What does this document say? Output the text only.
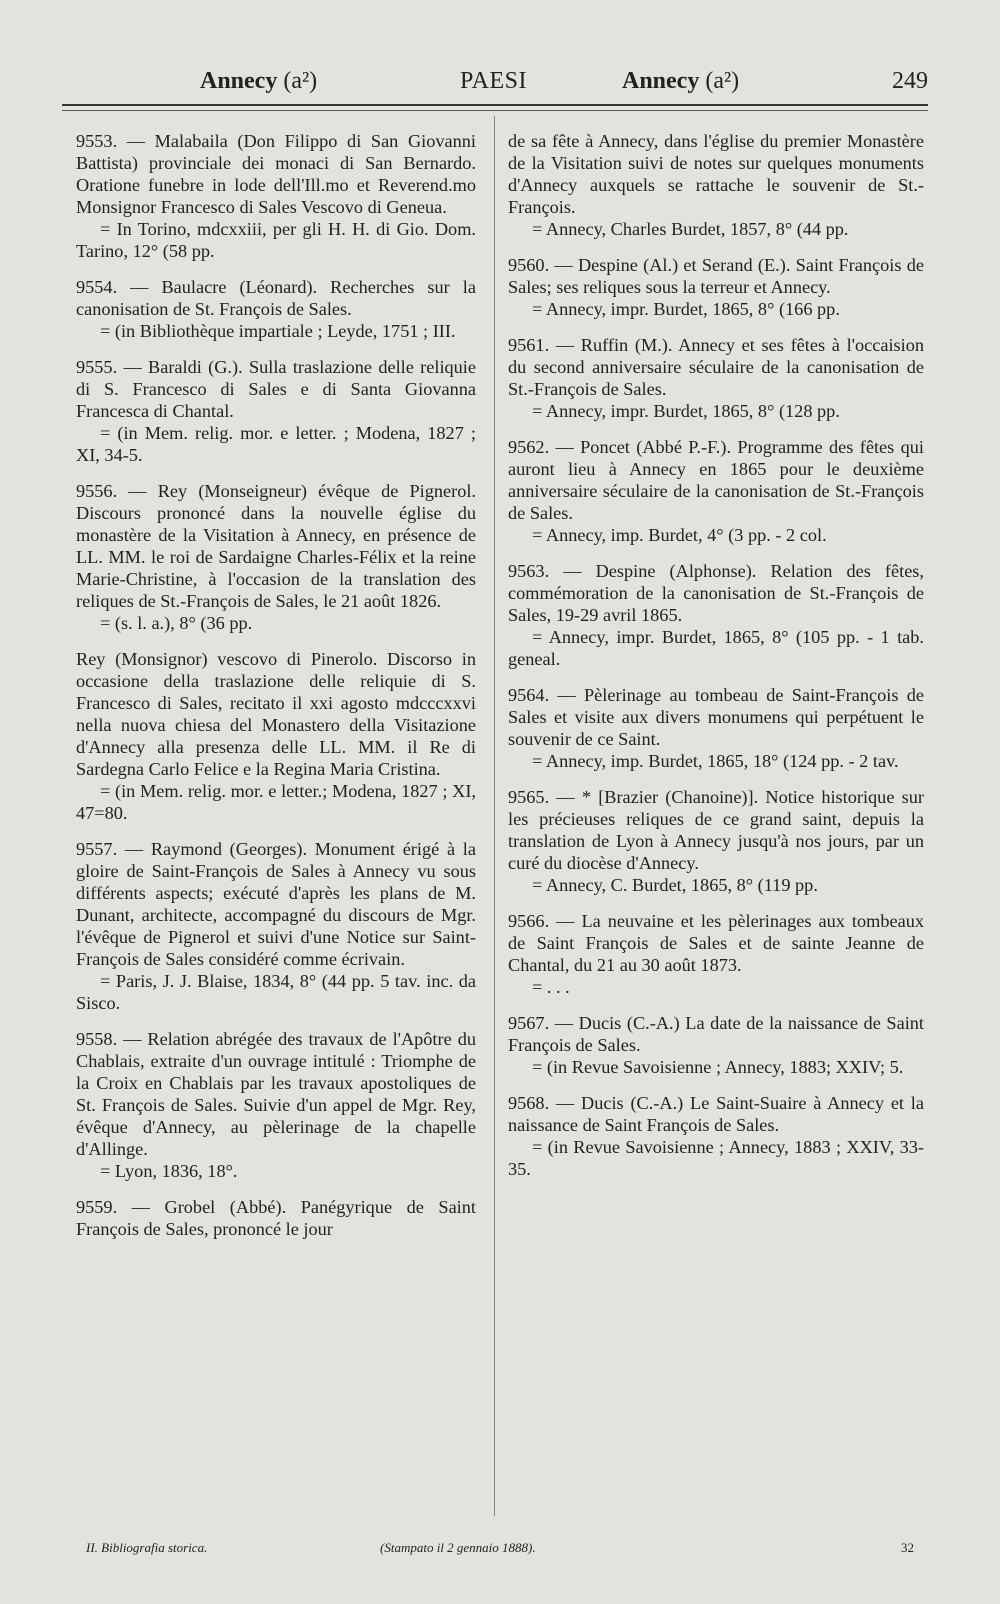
Annecy (a²)	PAESI	Annecy (a²)	249

9553. — Malabaila (Don Filippo di San Giovanni Battista) provinciale dei monaci di San Bernardo. Oratione funebre in lode dell'Ill.mo et Reverend.mo Monsignor Francesco di Sales Vescovo di Geneua.

= In Torino, mdcxxiii, per gli H. H. di Gio. Dom. Tarino, 12° (58 pp.

9554. — Baulacre (Léonard). Recherches sur la canonisation de St. François de Sales.

= (in Bibliothèque impartiale ; Leyde, 1751 ; III.

9555. — Baraldi (G.). Sulla traslazione delle reliquie di S. Francesco di Sales e di Santa Giovanna Francesca di Chantal.

= (in Mem. relig. mor. e letter. ; Modena, 1827 ; XI, 34-5.

9556. — Rey (Monseigneur) évêque de Pignerol. Discours prononcé dans la nouvelle église du monastère de la Visitation à Annecy, en présence de LL. MM. le roi de Sardaigne Charles-Félix et la reine Marie-Christine, à l'occasion de la translation des reliques de St.-François de Sales, le 21 août 1826.

= (s. l. a.), 8° (36 pp.

Rey (Monsignor) vescovo di Pinerolo. Discorso in occasione della traslazione delle reliquie di S. Francesco di Sales, recitato il xxi agosto mdcccxxvi nella nuova chiesa del Monastero della Visitazione d'Annecy alla presenza delle LL. MM. il Re di Sardegna Carlo Felice e la Regina Maria Cristina.

= (in Mem. relig. mor. e letter.; Modena, 1827 ; XI, 47=80.

9557. — Raymond (Georges). Monument érigé à la gloire de Saint-François de Sales à Annecy vu sous différents aspects; exécuté d'après les plans de M. Dunant, architecte, accompagné du discours de Mgr. l'évêque de Pignerol et suivi d'une Notice sur Saint-François de Sales considéré comme écrivain.

= Paris, J. J. Blaise, 1834, 8° (44 pp. 5 tav. inc. da Sisco.

9558. — Relation abrégée des travaux de l'Apôtre du Chablais, extraite d'un ouvrage intitulé : Triomphe de la Croix en Chablais par les travaux apostoliques de St. François de Sales. Suivie d'un appel de Mgr. Rey, évêque d'Annecy, au pèlerinage de la chapelle d'Allinge.

= Lyon, 1836, 18°.

9559. — Grobel (Abbé). Panégyrique de Saint François de Sales, prononcé le jour

de sa fête à Annecy, dans l'église du premier Monastère de la Visitation suivi de notes sur quelques monuments d'Annecy auxquels se rattache le souvenir de St.-François.

= Annecy, Charles Burdet, 1857, 8° (44 pp.

9560. — Despine (Al.) et Serand (E.). Saint François de Sales; ses reliques sous la terreur et Annecy.

= Annecy, impr. Burdet, 1865, 8° (166 pp.

9561. — Ruffin (M.). Annecy et ses fêtes à l'occaision du second anniversaire séculaire de la canonisation de St.-François de Sales.

= Annecy, impr. Burdet, 1865, 8° (128 pp.

9562. — Poncet (Abbé P.-F.). Programme des fêtes qui auront lieu à Annecy en 1865 pour le deuxième anniversaire séculaire de la canonisation de St.-François de Sales.

= Annecy, imp. Burdet, 4° (3 pp. - 2 col.

9563. — Despine (Alphonse). Relation des fêtes, commémoration de la canonisation de St.-François de Sales, 19-29 avril 1865.

= Annecy, impr. Burdet, 1865, 8° (105 pp. - 1 tab. geneal.

9564. — Pèlerinage au tombeau de Saint-François de Sales et visite aux divers monumens qui perpétuent le souvenir de ce Saint.

= Annecy, imp. Burdet, 1865, 18° (124 pp. - 2 tav.

9565. — * [Brazier (Chanoine)]. Notice historique sur les précieuses reliques de ce grand saint, depuis la translation de Lyon à Annecy jusqu'à nos jours, par un curé du diocèse d'Annecy.

= Annecy, C. Burdet, 1865, 8° (119 pp.

9566. — La neuvaine et les pèlerinages aux tombeaux de Saint François de Sales et de sainte Jeanne de Chantal, du 21 au 30 août 1873.

= . . .

9567. — Ducis (C.-A.) La date de la naissance de Saint François de Sales.

= (in Revue Savoisienne ; Annecy, 1883; XXIV; 5.

9568. — Ducis (C.-A.) Le Saint-Suaire à Annecy et la naissance de Saint François de Sales.

= (in Revue Savoisienne ; Annecy, 1883 ; XXIV, 33-35.

II. Bibliografia storica.	(Stampato il 2 gennaio 1888).	32
